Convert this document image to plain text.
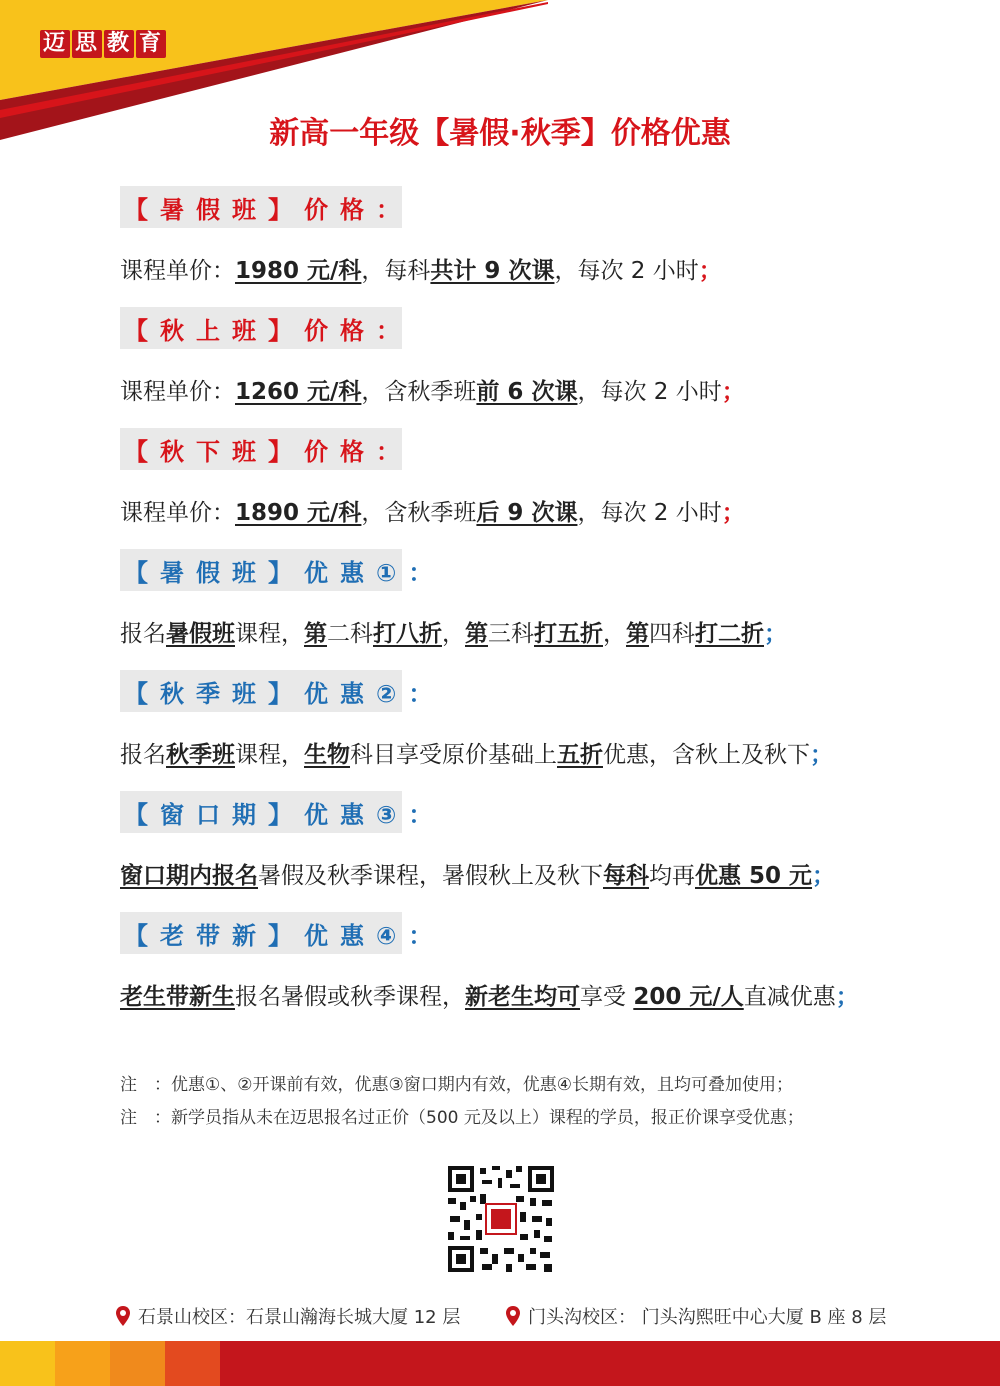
迈 思 教 育
新高一年级【暑假·秋季】价格优惠
【暑假班】价格：
课程单价：1980 元/科，每科共计 9 次课，每次 2 小时；
【秋上班】价格：
课程单价：1260 元/科，含秋季班前 6 次课，每次 2 小时；
【秋下班】价格：
课程单价：1890 元/科，含秋季班后 9 次课，每次 2 小时；
【暑假班】优惠①：
报名暑假班课程，第二科打八折，第三科打五折，第四科打二折；
【秋季班】优惠②：
报名秋季班课程，生物科目享受原价基础上五折优惠，含秋上及秋下；
【窗口期】优惠③：
窗口期内报名暑假及秋季课程，暑假秋上及秋下每科均再优惠 50 元；
【老带新】优惠④：
老生带新生报名暑假或秋季课程，新老生均可享受 200 元/人直减优惠；
注　：优惠①、②开课前有效，优惠③窗口期内有效，优惠④长期有效，且均可叠加使用；
注　：新学员指从未在迈思报名过正价（500 元及以上）课程的学员，报正价课享受优惠；
石景山校区：石景山瀚海长城大厦 12 层	门头沟校区： 门头沟熙旺中心大厦 B 座 8 层
